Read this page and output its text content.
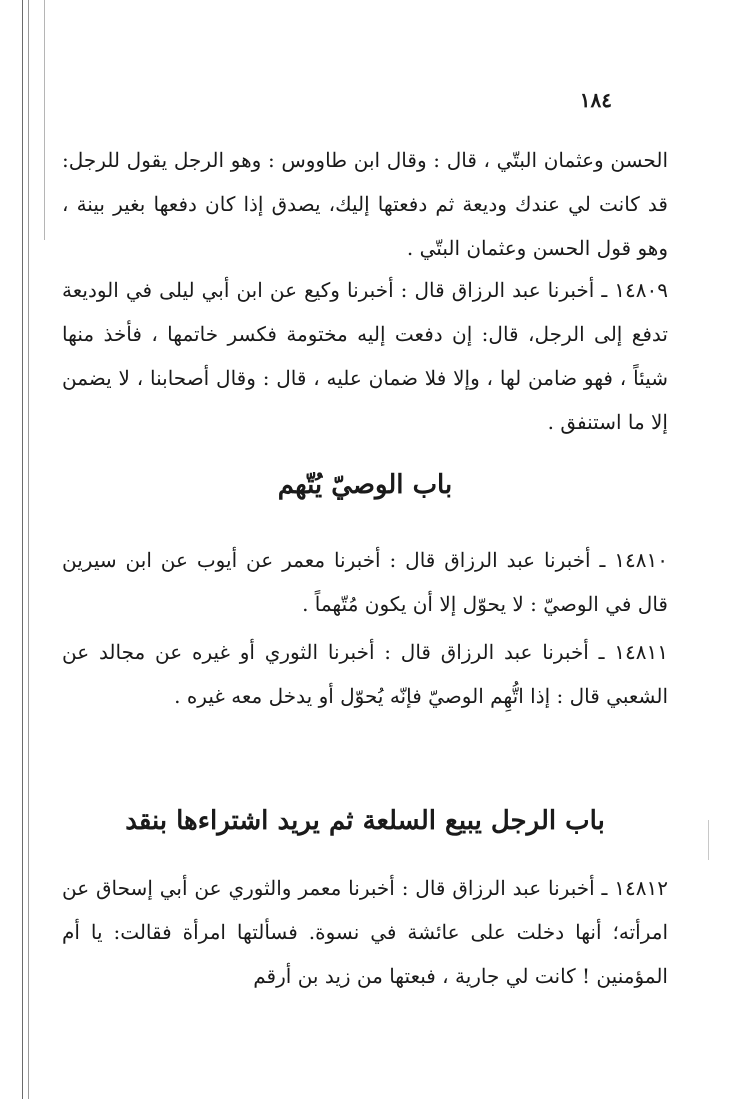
١٨٤

الحسن وعثمان البتّي ، قال : وقال ابن طاووس : وهو الرجل يقول للرجل: قد كانت لي عندك وديعة ثم دفعتها إليك، يصدق إذا كان دفعها بغير بينة ، وهو قول الحسن وعثمان البتّي .

١٤٨٠٩ ـ أخبرنا عبد الرزاق قال : أخبرنا وكيع عن ابن أبي ليلى في الوديعة تدفع إلى الرجل، قال: إن دفعت إليه مختومة فكسر خاتمها ، فأخذ منها شيئاً ، فهو ضامن لها ، وإلا فلا ضمان عليه ، قال : وقال أصحابنا ، لا يضمن إلا ما استنفق .

باب الوصيّ يُتّهم

١٤٨١٠ ـ أخبرنا عبد الرزاق قال : أخبرنا معمر عن أيوب عن ابن سيرين قال في الوصيّ : لا يحوّل إلا أن يكون مُتّهماً .

١٤٨١١ ـ أخبرنا عبد الرزاق قال : أخبرنا الثوري أو غيره عن مجالد عن الشعبي قال : إذا اتُّهِم الوصيّ فإنّه يُحوّل أو يدخل معه غيره .

باب الرجل يبيع السلعة ثم يريد اشتراءها بنقد

١٤٨١٢ ـ أخبرنا عبد الرزاق قال : أخبرنا معمر والثوري عن أبي إسحاق عن امرأته؛ أنها دخلت على عائشة في نسوة. فسألتها امرأة فقالت: يا أم المؤمنين ! كانت لي جارية ، فبعتها من زيد بن أرقم
